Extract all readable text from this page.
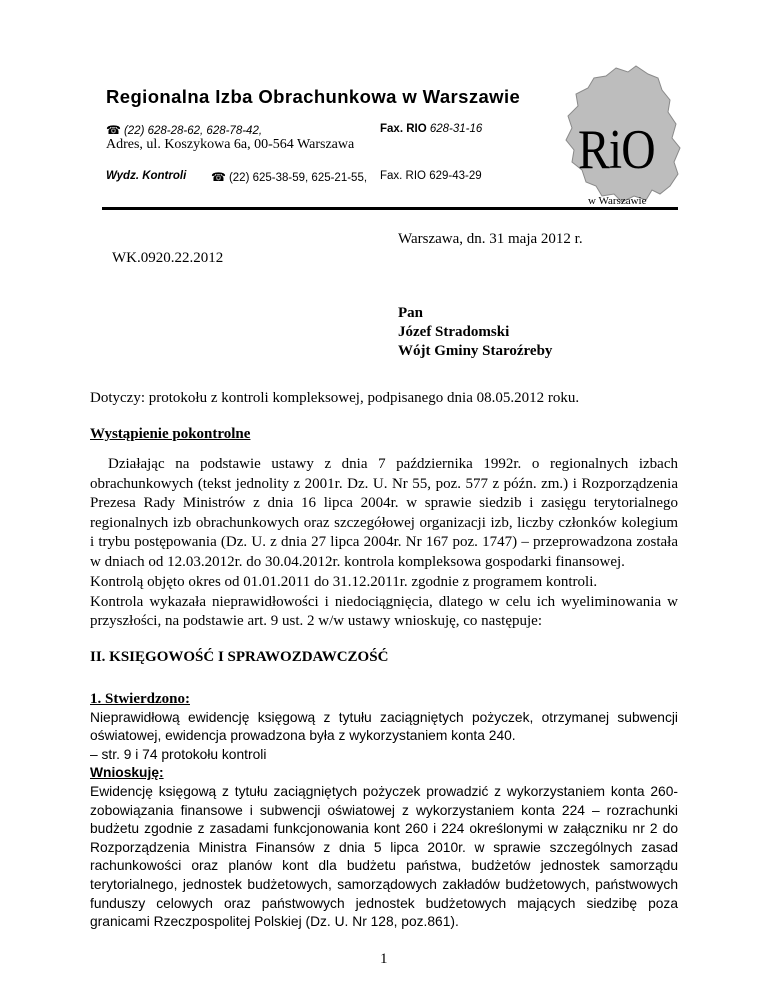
Regionalna Izba Obrachunkowa w Warszawie
☎ (22) 628-28-62, 628-78-42,	Fax. RIO 628-31-16
Adres, ul. Koszykowa 6a, 00-564 Warszawa
Wydz. Kontroli ☎ (22) 625-38-59, 625-21-55, Fax. RIO 629-43-29 RiO
w Warszawie
Warszawa, dn. 31 maja 2012 r.
WK.0920.22.2012
Pan
Józef Stradomski
Wójt Gminy Staroźreby
Dotyczy: protokołu z kontroli kompleksowej, podpisanego dnia 08.05.2012 roku.
Wystąpienie pokontrolne
Działając na podstawie ustawy z dnia 7 października 1992r. o regionalnych izbach obrachunkowych (tekst jednolity z 2001r. Dz. U. Nr 55, poz. 577 z późn. zm.) i Rozporządzenia Prezesa Rady Ministrów z dnia 16 lipca 2004r. w sprawie siedzib i zasięgu terytorialnego regionalnych izb obrachunkowych oraz szczegółowej organizacji izb, liczby członków kolegium i trybu postępowania (Dz. U. z dnia 27 lipca 2004r. Nr 167 poz. 1747) – przeprowadzona została w dniach od 12.03.2012r. do 30.04.2012r. kontrola kompleksowa gospodarki finansowej.

Kontrolą objęto okres od 01.01.2011 do 31.12.2011r. zgodnie z programem kontroli.

Kontrola wykazała nieprawidłowości i niedociągnięcia, dlatego w celu ich wyeliminowania w przyszłości, na podstawie art. 9 ust. 2 w/w ustawy wnioskuję, co następuje:

II. KSIĘGOWOŚĆ I SPRAWOZDAWCZOŚĆ

1. Stwierdzono:

Nieprawidłową ewidencję księgową z tytułu zaciągniętych pożyczek, otrzymanej subwencji oświatowej, ewidencja prowadzona była z wykorzystaniem konta 240.

– str. 9 i 74 protokołu kontroli

Wnioskuję:

Ewidencję księgową z tytułu zaciągniętych pożyczek prowadzić z wykorzystaniem konta 260- zobowiązania finansowe i subwencji oświatowej z wykorzystaniem konta 224 – rozrachunki budżetu zgodnie z zasadami funkcjonowania kont 260 i 224 określonymi w załączniku nr 2 do Rozporządzenia Ministra Finansów z dnia 5 lipca 2010r. w sprawie szczególnych zasad rachunkowości oraz planów kont dla budżetu państwa, budżetów jednostek samorządu terytorialnego, jednostek budżetowych, samorządowych zakładów budżetowych, państwowych funduszy celowych oraz państwowych jednostek budżetowych mających siedzibę poza granicami Rzeczpospolitej Polskiej (Dz. U. Nr 128, poz.861).

1
